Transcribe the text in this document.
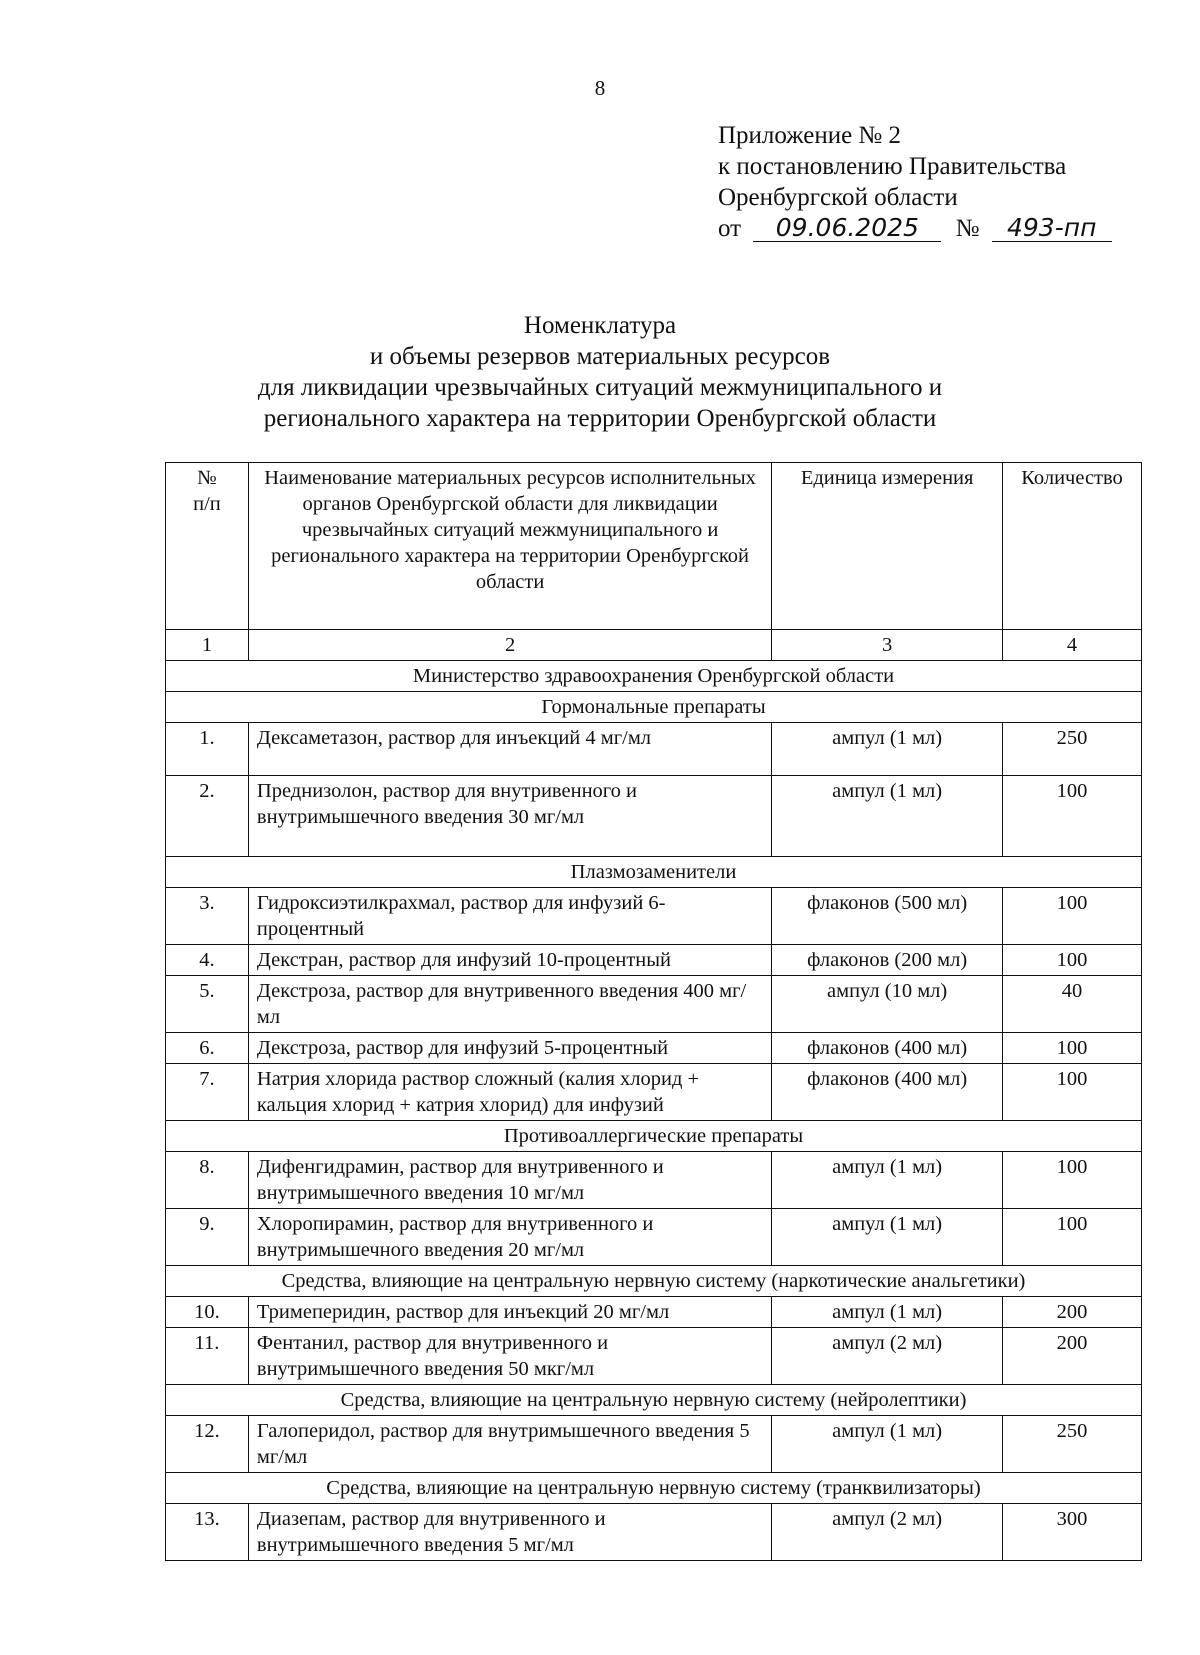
8
Приложение № 2
к постановлению Правительства
Оренбургской области
от 09.06.2025 № 493-пп
Номенклатура
и объемы резервов материальных ресурсов
для ликвидации чрезвычайных ситуаций межмуниципального и
регионального характера на территории Оренбургской области
№
п/п	Наименование материальных ресурсов исполнительных органов Оренбургской области для ликвидации чрезвычайных ситуаций межмуниципального и регионального характера на территории Оренбургской области	Единица измерения	Количество
1	2	3	4
Министерство здравоохранения Оренбургской области			
Гормональные препараты			
1.	Дексаметазон, раствор для инъекций 4 мг/мл	ампул (1 мл)	250
2.	Преднизолон, раствор для внутривенного и внутримышечного введения 30 мг/мл	ампул (1 мл)	100
Плазмозаменители			
3.	Гидроксиэтилкрахмал, раствор для инфузий 6-процентный	флаконов (500 мл)	100
4.	Декстран, раствор для инфузий 10-процентный	флаконов (200 мл)	100
5.	Декстроза, раствор для внутривенного введения 400 мг/мл	ампул (10 мл)	40
6.	Декстроза, раствор для инфузий 5-процентный	флаконов (400 мл)	100
7.	Натрия хлорида раствор сложный (калия хлорид + кальция хлорид + катрия хлорид) для инфузий	флаконов (400 мл)	100
Противоаллергические препараты			
8.	Дифенгидрамин, раствор для внутривенного и внутримышечного введения 10 мг/мл	ампул (1 мл)	100
9.	Хлоропирамин, раствор для внутривенного и внутримышечного введения 20 мг/мл	ампул (1 мл)	100
Средства, влияющие на центральную нервную систему (наркотические анальгетики)			
10.	Тримеперидин, раствор для инъекций 20 мг/мл	ампул (1 мл)	200
11.	Фентанил, раствор для внутривенного и внутримышечного введения 50 мкг/мл	ампул (2 мл)	200
Средства, влияющие на центральную нервную систему (нейролептики)			
12.	Галоперидол, раствор для внутримышечного введения 5 мг/мл	ампул (1 мл)	250
Средства, влияющие на центральную нервную систему (транквилизаторы)			
13.	Диазепам, раствор для внутривенного и внутримышечного введения 5 мг/мл	ампул (2 мл)	300
